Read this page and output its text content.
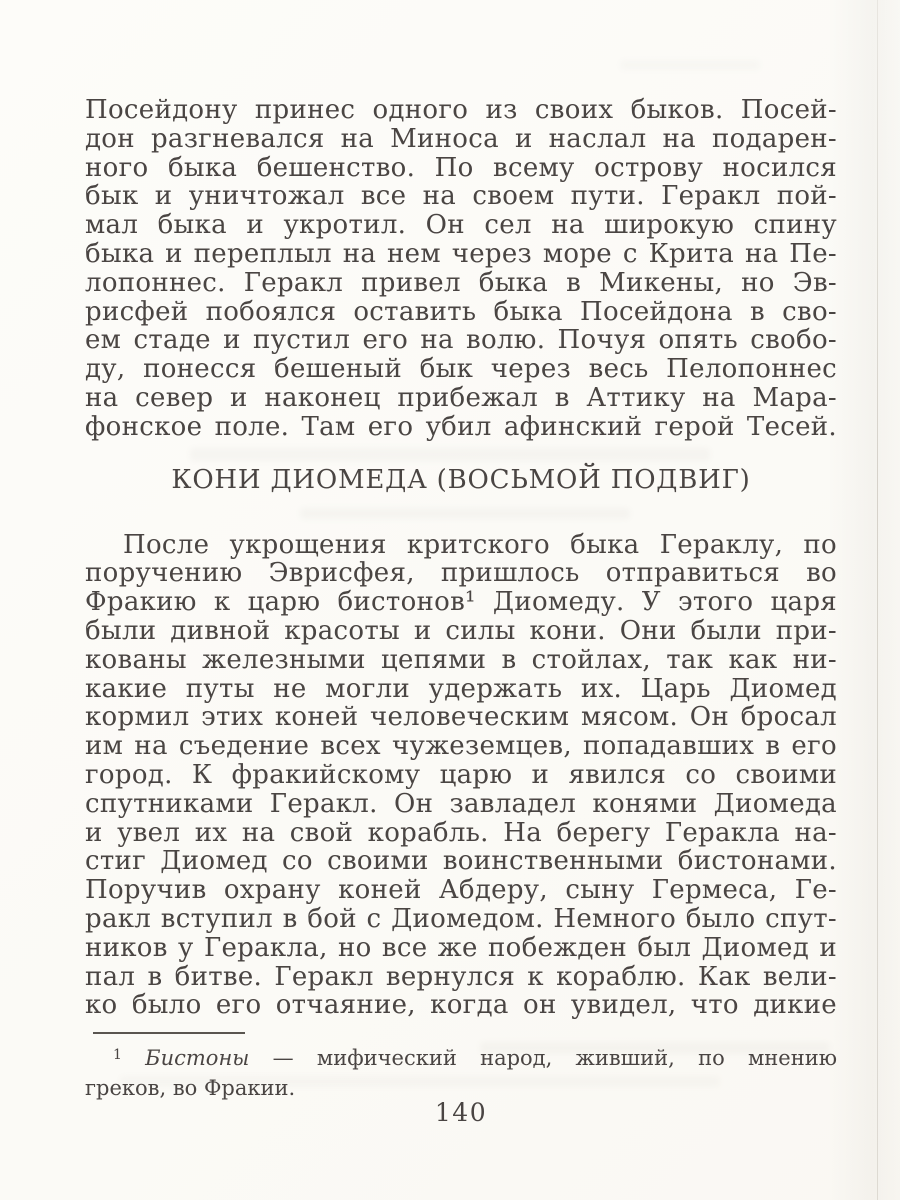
Посейдону принес одного из своих быков. Посей-
дон разгневался на Миноса и наслал на подарен-
ного быка бешенство. По всему острову носился
бык и уничтожал все на своем пути. Геракл пой-
мал быка и укротил. Он сел на широкую спину
быка и переплыл на нем через море с Крита на Пе-
лопоннес. Геракл привел быка в Микены, но Эв-
рисфей побоялся оставить быка Посейдона в сво-
ем стаде и пустил его на волю. Почуя опять свобо-
ду, понесся бешеный бык через весь Пелопоннес
на север и наконец прибежал в Аттику на Мара-
фонское поле. Там его убил афинский герой Тесей.
КОНИ ДИОМЕДА (ВОСЬМОЙ ПОДВИГ)
После укрощения критского быка Гераклу, по
поручению Эврисфея, пришлось отправиться во
Фракию к царю бистонов¹ Диомеду. У этого царя
были дивной красоты и силы кони. Они были при-
кованы железными цепями в стойлах, так как ни-
какие путы не могли удержать их. Царь Диомед
кормил этих коней человеческим мясом. Он бросал
им на съедение всех чужеземцев, попадавших в его
город. К фракийскому царю и явился со своими
спутниками Геракл. Он завладел конями Диомеда
и увел их на свой корабль. На берегу Геракла на-
стиг Диомед со своими воинственными бистонами.
Поручив охрану коней Абдеру, сыну Гермеса, Ге-
ракл вступил в бой с Диомедом. Немного было спут-
ников у Геракла, но все же побежден был Диомед и
пал в битве. Геракл вернулся к кораблю. Как вели-
ко было его отчаяние, когда он увидел, что дикие
$^1$ Бистоны — мифический народ, живший, по мнению
греков, во Фракии.
140
